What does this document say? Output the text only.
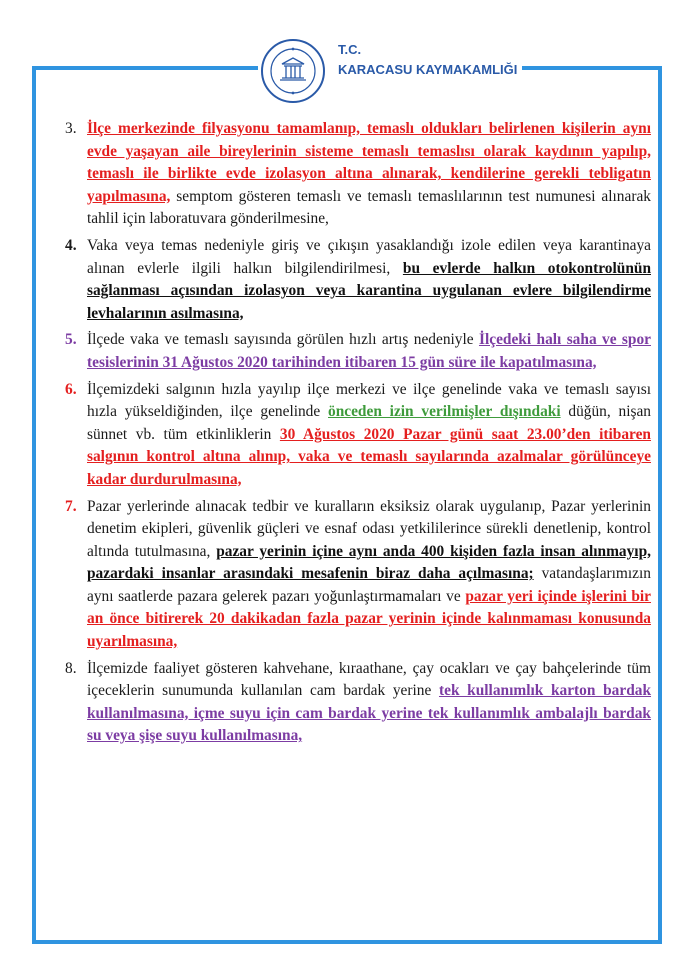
T.C.
KARACASU KAYMAKAMLIĞI
3. İlçe merkezinde filyasyonu tamamlanıp, temaslı oldukları belirlenen kişilerin aynı evde yaşayan aile bireylerinin sisteme temaslı temaslısı olarak kaydının yapılıp, temaslı ile birlikte evde izolasyon altına alınarak, kendilerine gerekli tebligatın yapılmasına, semptom gösteren temaslı ve temaslı temaslılarının test numunesi alınarak tahlil için laboratuvara gönderilmesine,
4. Vaka veya temas nedeniyle giriş ve çıkışın yasaklandığı izole edilen veya karantinaya alınan evlerle ilgili halkın bilgilendirilmesi, bu evlerde halkın otokontrolünün sağlanması açısından izolasyon veya karantina uygulanan evlere bilgilendirme levhalarının asılmasına,
5. İlçede vaka ve temaslı sayısında görülen hızlı artış nedeniyle İlçedeki halı saha ve spor tesislerinin 31 Ağustos 2020 tarihinden itibaren 15 gün süre ile kapatılmasına,
6. İlçemizdeki salgının hızla yayılıp ilçe merkezi ve ilçe genelinde vaka ve temaslı sayısı hızla yükseldiğinden, ilçe genelinde önceden izin verilmişler dışındaki düğün, nişan sünnet vb. tüm etkinliklerin 30 Ağustos 2020 Pazar günü saat 23.00’den itibaren salgının kontrol altına alınıp, vaka ve temaslı sayılarında azalmalar görülünceye kadar durdurulmasına,
7. Pazar yerlerinde alınacak tedbir ve kuralların eksiksiz olarak uygulanıp, Pazar yerlerinin denetim ekipleri, güvenlik güçleri ve esnaf odası yetkililerince sürekli denetlenip, kontrol altında tutulmasına, pazar yerinin içine aynı anda 400 kişiden fazla insan alınmayıp, pazardaki insanlar arasındaki mesafenin biraz daha açılmasına; vatandaşlarımızın aynı saatlerde pazara gelerek pazarı yoğunlaştırmamaları ve pazar yeri içinde işlerini bir an önce bitirerek 20 dakikadan fazla pazar yerinin içinde kalınmaması konusunda uyarılmasına,
8. İlçemizde faaliyet gösteren kahvehane, kıraathane, çay ocakları ve çay bahçelerinde tüm içeceklerin sunumunda kullanılan cam bardak yerine tek kullanımlık karton bardak kullanılmasına, içme suyu için cam bardak yerine tek kullanımlık ambalajlı bardak su veya şişe suyu kullanılmasına,
